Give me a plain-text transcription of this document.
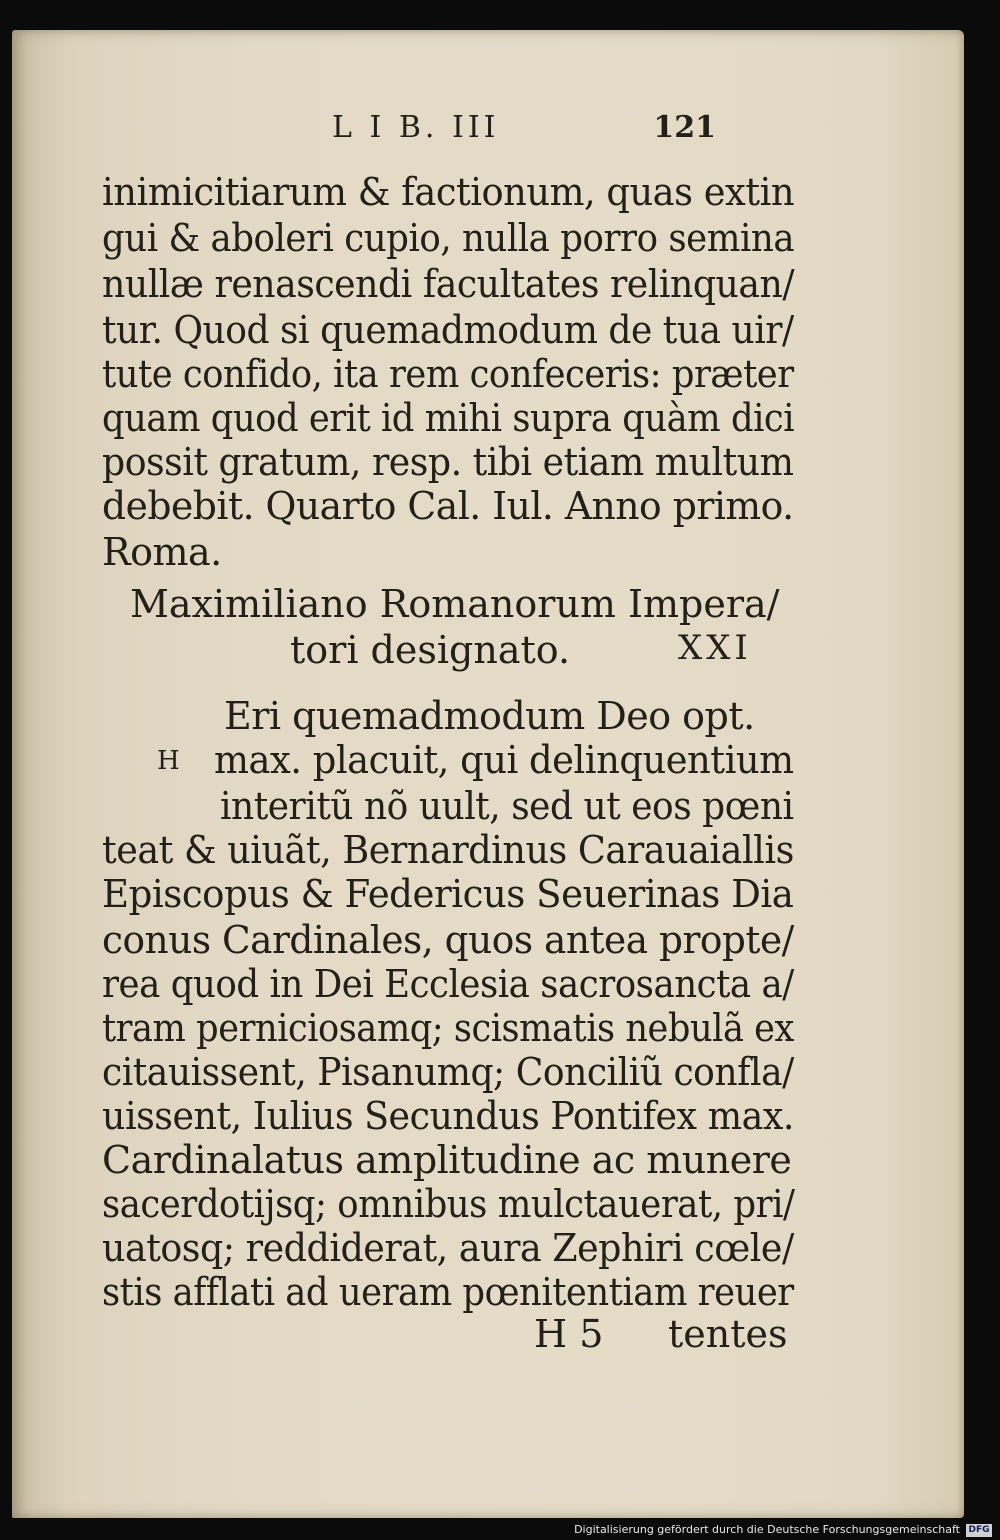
L I B. III	121
inimicitiarum & factionum, quas extin
gui & aboleri cupio, nulla porro semina
nullæ renascendi facultates relinquan/
tur. Quod si quemadmodum de tua uir/
tute confido, ita rem confeceris: præter
quam quod erit id mihi supra quàm dici
possit gratum, resp. tibi etiam multum
debebit. Quarto Cal. Iul. Anno primo.
Roma.
Maximiliano Romanorum Impera/
tori designato.	XXI
H
Eri quemadmodum Deo opt.
max. placuit, qui delinquentium
interitũ nõ uult, sed ut eos pœni
teat & uiuãt, Bernardinus Carauaiallis
Episcopus & Federicus Seuerinas Dia
conus Cardinales, quos antea propte/
rea quod in Dei Ecclesia sacrosancta a/
tram perniciosamq; scismatis nebulã ex
citauissent, Pisanumq; Conciliũ confla/
uissent, Iulius Secundus Pontifex max.
Cardinalatus amplitudine ac munere
sacerdotijsq; omnibus mulctauerat, pri/
uatosq; reddiderat, aura Zephiri cœle/
stis afflati ad ueram pœnitentiam reuer
H 5 tentes
Digitalisierung gefördert durch die Deutsche Forschungsgemeinschaft DFG
